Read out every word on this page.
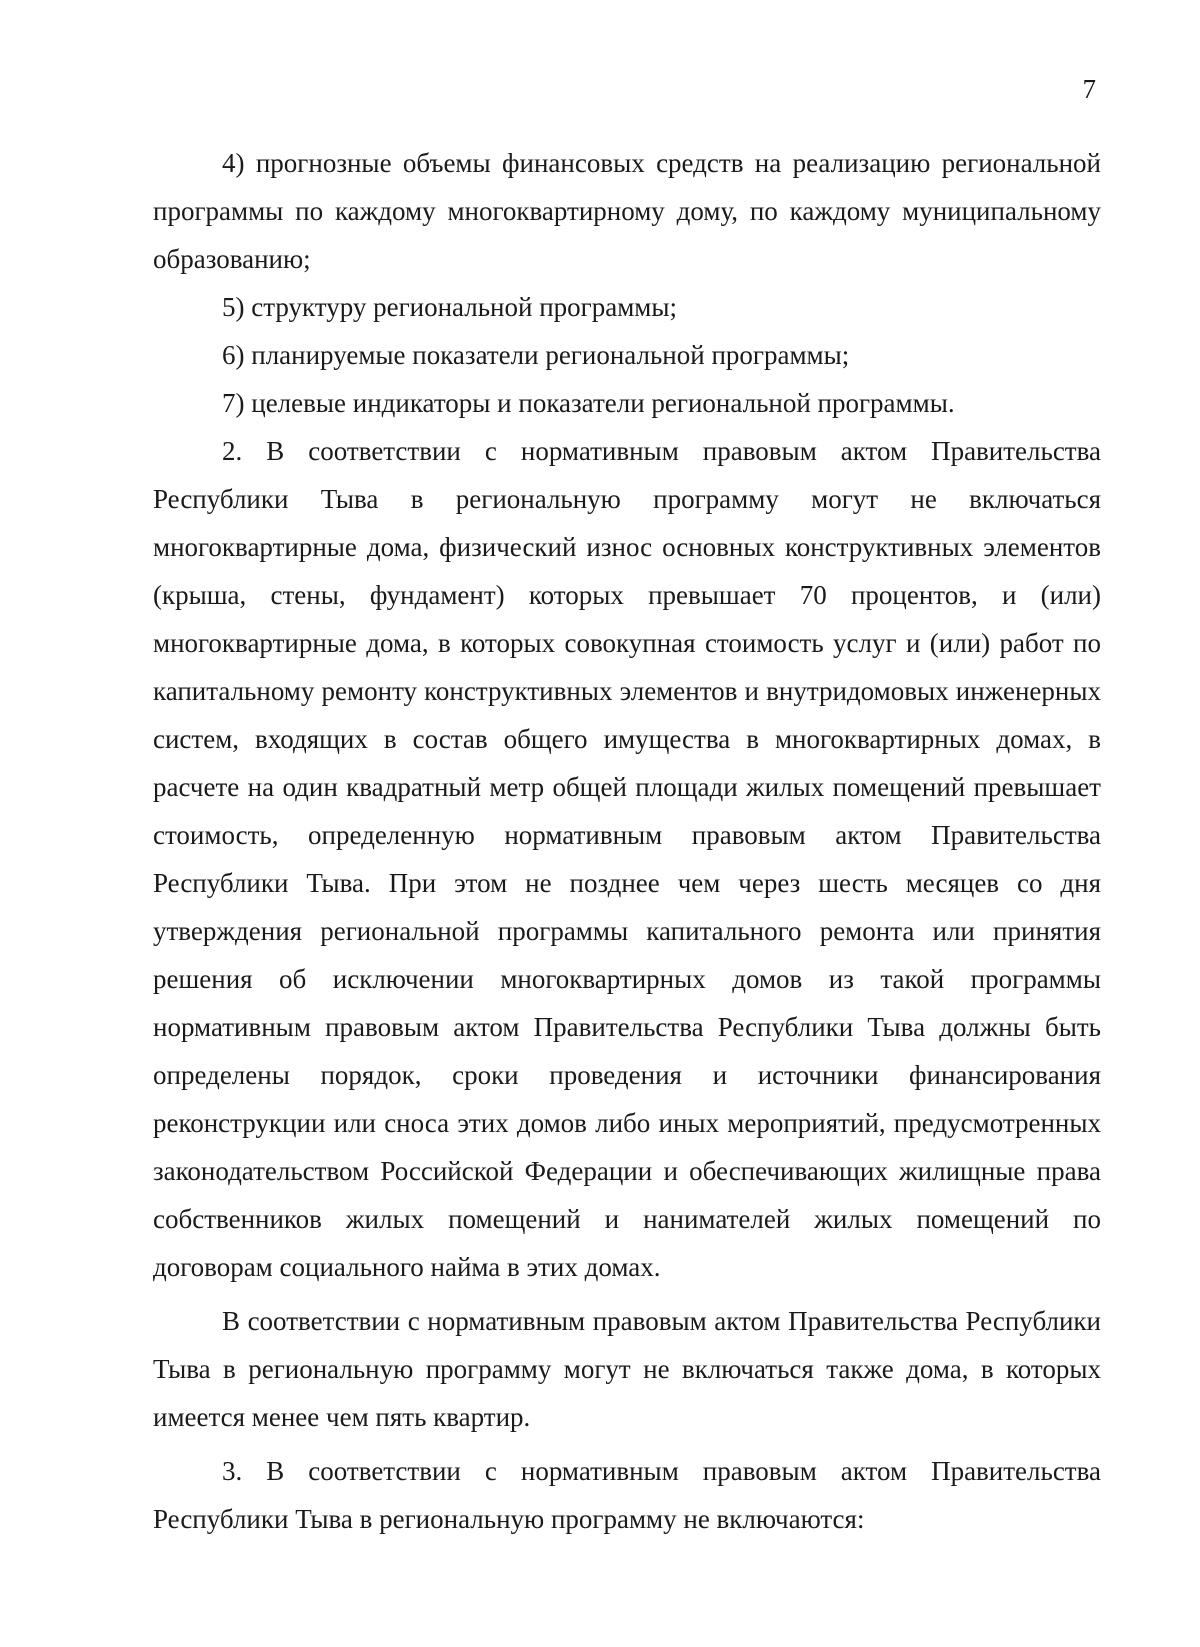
7

4) прогнозные объемы финансовых средств на реализацию региональной программы по каждому многоквартирному дому, по каждому муниципальному образованию;

5) структуру региональной программы;

6) планируемые показатели региональной программы;

7) целевые индикаторы и показатели региональной программы.

2. В соответствии с нормативным правовым актом Правительства Республики Тыва в региональную программу могут не включаться многоквартирные дома, физический износ основных конструктивных элементов (крыша, стены, фундамент) которых превышает 70 процентов, и (или) многоквартирные дома, в которых совокупная стоимость услуг и (или) работ по капитальному ремонту конструктивных элементов и внутридомовых инженерных систем, входящих в состав общего имущества в многоквартирных домах, в расчете на один квадратный метр общей площади жилых помещений превышает стоимость, определенную нормативным правовым актом Правительства Республики Тыва. При этом не позднее чем через шесть месяцев со дня утверждения региональной программы капитального ремонта или принятия решения об исключении многоквартирных домов из такой программы нормативным правовым актом Правительства Республики Тыва должны быть определены порядок, сроки проведения и источники финансирования реконструкции или сноса этих домов либо иных мероприятий, предусмотренных законодательством Российской Федерации и обеспечивающих жилищные права собственников жилых помещений и нанимателей жилых помещений по договорам социального найма в этих домах.

В соответствии с нормативным правовым актом Правительства Республики Тыва в региональную программу могут не включаться также дома, в которых имеется менее чем пять квартир.

3. В соответствии с нормативным правовым актом Правительства Республики Тыва в региональную программу не включаются:
